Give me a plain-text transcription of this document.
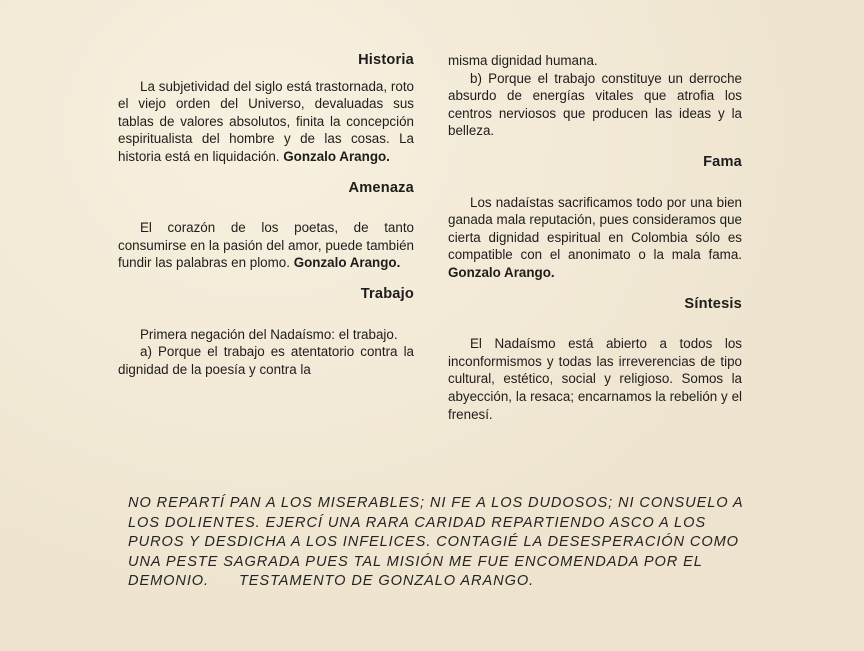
Historia

La subjetividad del siglo está trastornada, roto el viejo orden del Universo, devaluadas sus tablas de valores absolutos, finita la concepción espiritualista del hombre y de las cosas. La historia está en liquidación. Gonzalo Arango.

Amenaza

El corazón de los poetas, de tanto consumirse en la pasión del amor, puede también fundir las palabras en plomo. Gonzalo Arango.

Trabajo

Primera negación del Nadaísmo: el trabajo.

a) Porque el trabajo es atentatorio contra la dignidad de la poesía y contra la

misma dignidad humana.

b) Porque el trabajo constituye un derroche absurdo de energías vitales que atrofia los centros nerviosos que producen las ideas y la belleza.

Fama

Los nadaístas sacrificamos todo por una bien ganada mala reputación, pues consideramos que cierta dignidad espiritual en Colombia sólo es compatible con el anonimato o la mala fama. Gonzalo Arango.

Síntesis

El Nadaísmo está abierto a todos los inconformismos y todas las irreverencias de tipo cultural, estético, social y religioso. Somos la abyección, la resaca; encarnamos la rebelión y el frenesí.

NO REPARTÍ PAN A LOS MISERABLES; NI FE A LOS DUDOSOS; NI CONSUELO A LOS DOLIENTES. EJERCÍ UNA RARA CARIDAD REPARTIENDO ASCO A LOS PUROS Y DESDICHA A LOS INFELICES. CONTAGIÉ LA DESESPERACIÓN COMO UNA PESTE SAGRADA PUES TAL MISIÓN ME FUE ENCOMENDADA POR EL DEMONIO. TESTAMENTO DE GONZALO ARANGO.
